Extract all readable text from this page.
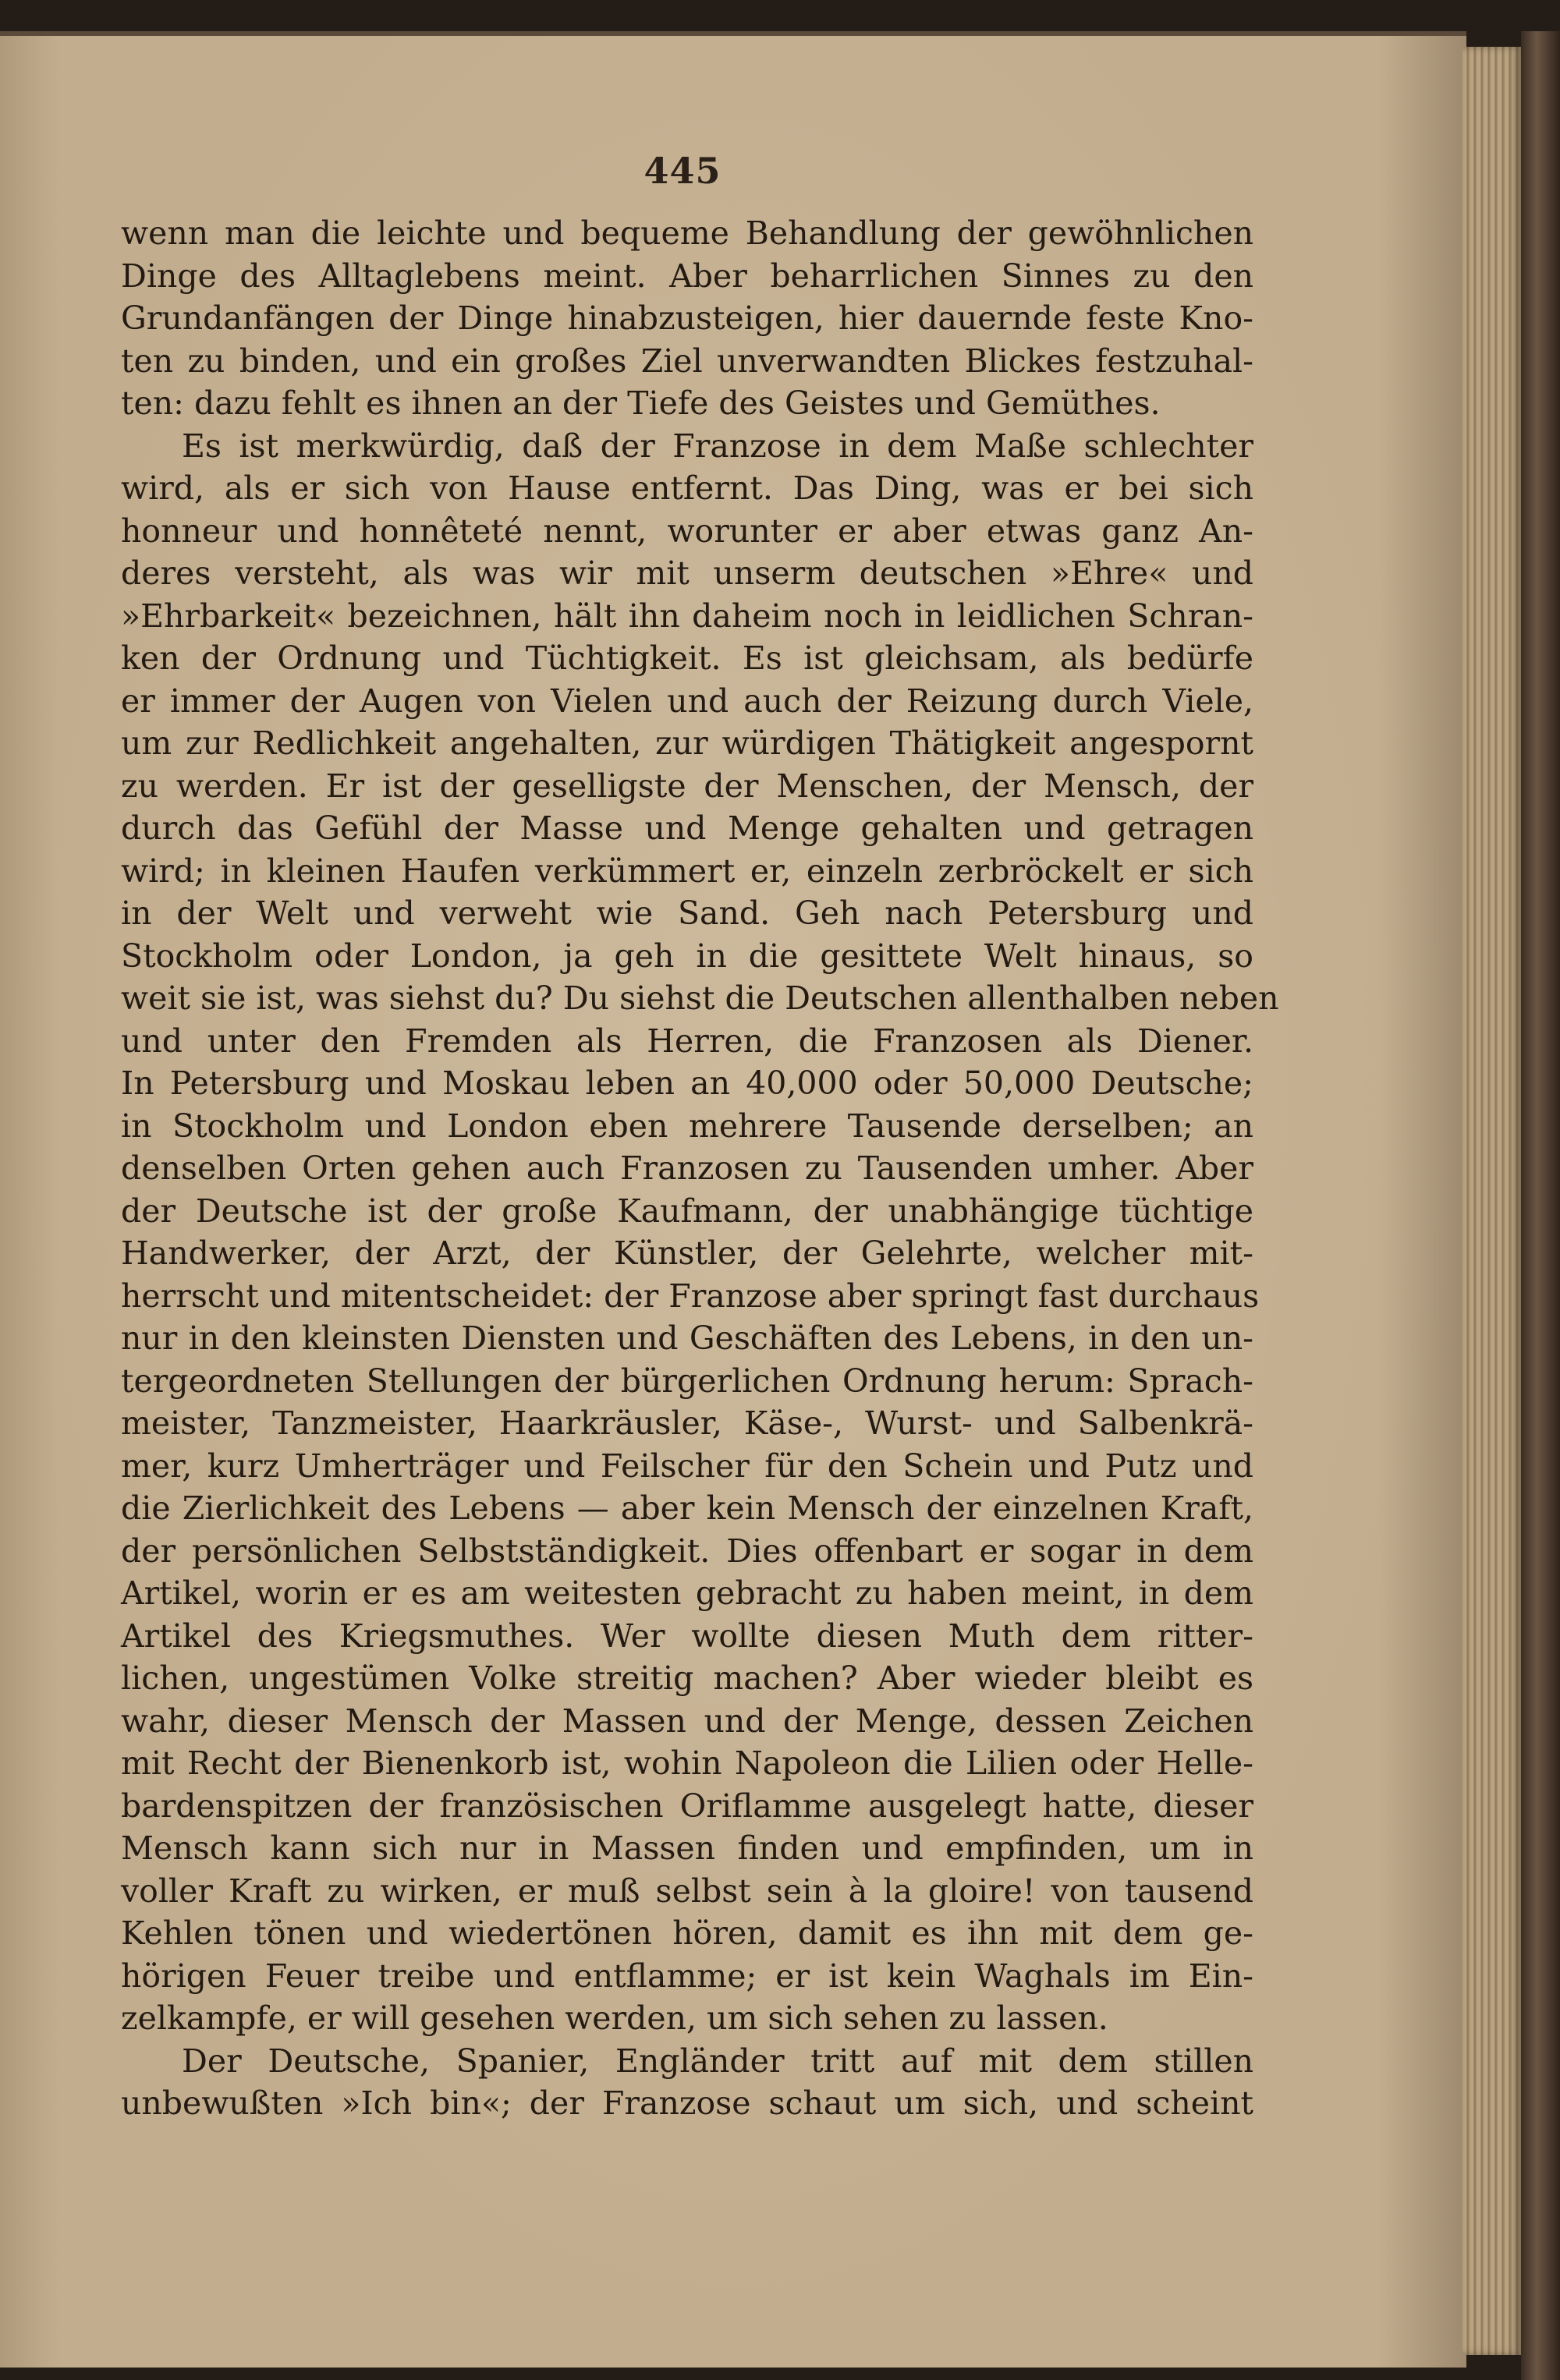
445
wenn man die leichte und bequeme Behandlung der gewöhnlichen
Dinge des Alltaglebens meint. Aber beharrlichen Sinnes zu den
Grundanfängen der Dinge hinabzusteigen, hier dauernde feste Kno-
ten zu binden, und ein großes Ziel unverwandten Blickes festzuhal-
ten: dazu fehlt es ihnen an der Tiefe des Geistes und Gemüthes.
Es ist merkwürdig, daß der Franzose in dem Maße schlechter
wird, als er sich von Hause entfernt. Das Ding, was er bei sich
honneur und honnêteté nennt, worunter er aber etwas ganz An-
deres versteht, als was wir mit unserm deutschen »Ehre« und
»Ehrbarkeit« bezeichnen, hält ihn daheim noch in leidlichen Schran-
ken der Ordnung und Tüchtigkeit. Es ist gleichsam, als bedürfe
er immer der Augen von Vielen und auch der Reizung durch Viele,
um zur Redlichkeit angehalten, zur würdigen Thätigkeit angespornt
zu werden. Er ist der geselligste der Menschen, der Mensch, der
durch das Gefühl der Masse und Menge gehalten und getragen
wird; in kleinen Haufen verkümmert er, einzeln zerbröckelt er sich
in der Welt und verweht wie Sand. Geh nach Petersburg und
Stockholm oder London, ja geh in die gesittete Welt hinaus, so
weit sie ist, was siehst du? Du siehst die Deutschen allenthalben neben
und unter den Fremden als Herren, die Franzosen als Diener.
In Petersburg und Moskau leben an 40,000 oder 50,000 Deutsche;
in Stockholm und London eben mehrere Tausende derselben; an
denselben Orten gehen auch Franzosen zu Tausenden umher. Aber
der Deutsche ist der große Kaufmann, der unabhängige tüchtige
Handwerker, der Arzt, der Künstler, der Gelehrte, welcher mit-
herrscht und mitentscheidet: der Franzose aber springt fast durchaus
nur in den kleinsten Diensten und Geschäften des Lebens, in den un-
tergeordneten Stellungen der bürgerlichen Ordnung herum: Sprach-
meister, Tanzmeister, Haarkräusler, Käse-, Wurst- und Salbenkrä-
mer, kurz Umherträger und Feilscher für den Schein und Putz und
die Zierlichkeit des Lebens — aber kein Mensch der einzelnen Kraft,
der persönlichen Selbstständigkeit. Dies offenbart er sogar in dem
Artikel, worin er es am weitesten gebracht zu haben meint, in dem
Artikel des Kriegsmuthes. Wer wollte diesen Muth dem ritter-
lichen, ungestümen Volke streitig machen? Aber wieder bleibt es
wahr, dieser Mensch der Massen und der Menge, dessen Zeichen
mit Recht der Bienenkorb ist, wohin Napoleon die Lilien oder Helle-
bardenspitzen der französischen Oriflamme ausgelegt hatte, dieser
Mensch kann sich nur in Massen finden und empfinden, um in
voller Kraft zu wirken, er muß selbst sein à la gloire! von tausend
Kehlen tönen und wiedertönen hören, damit es ihn mit dem ge-
hörigen Feuer treibe und entflamme; er ist kein Waghals im Ein-
zelkampfe, er will gesehen werden, um sich sehen zu lassen.
Der Deutsche, Spanier, Engländer tritt auf mit dem stillen
unbewußten »Ich bin«; der Franzose schaut um sich, und scheint
